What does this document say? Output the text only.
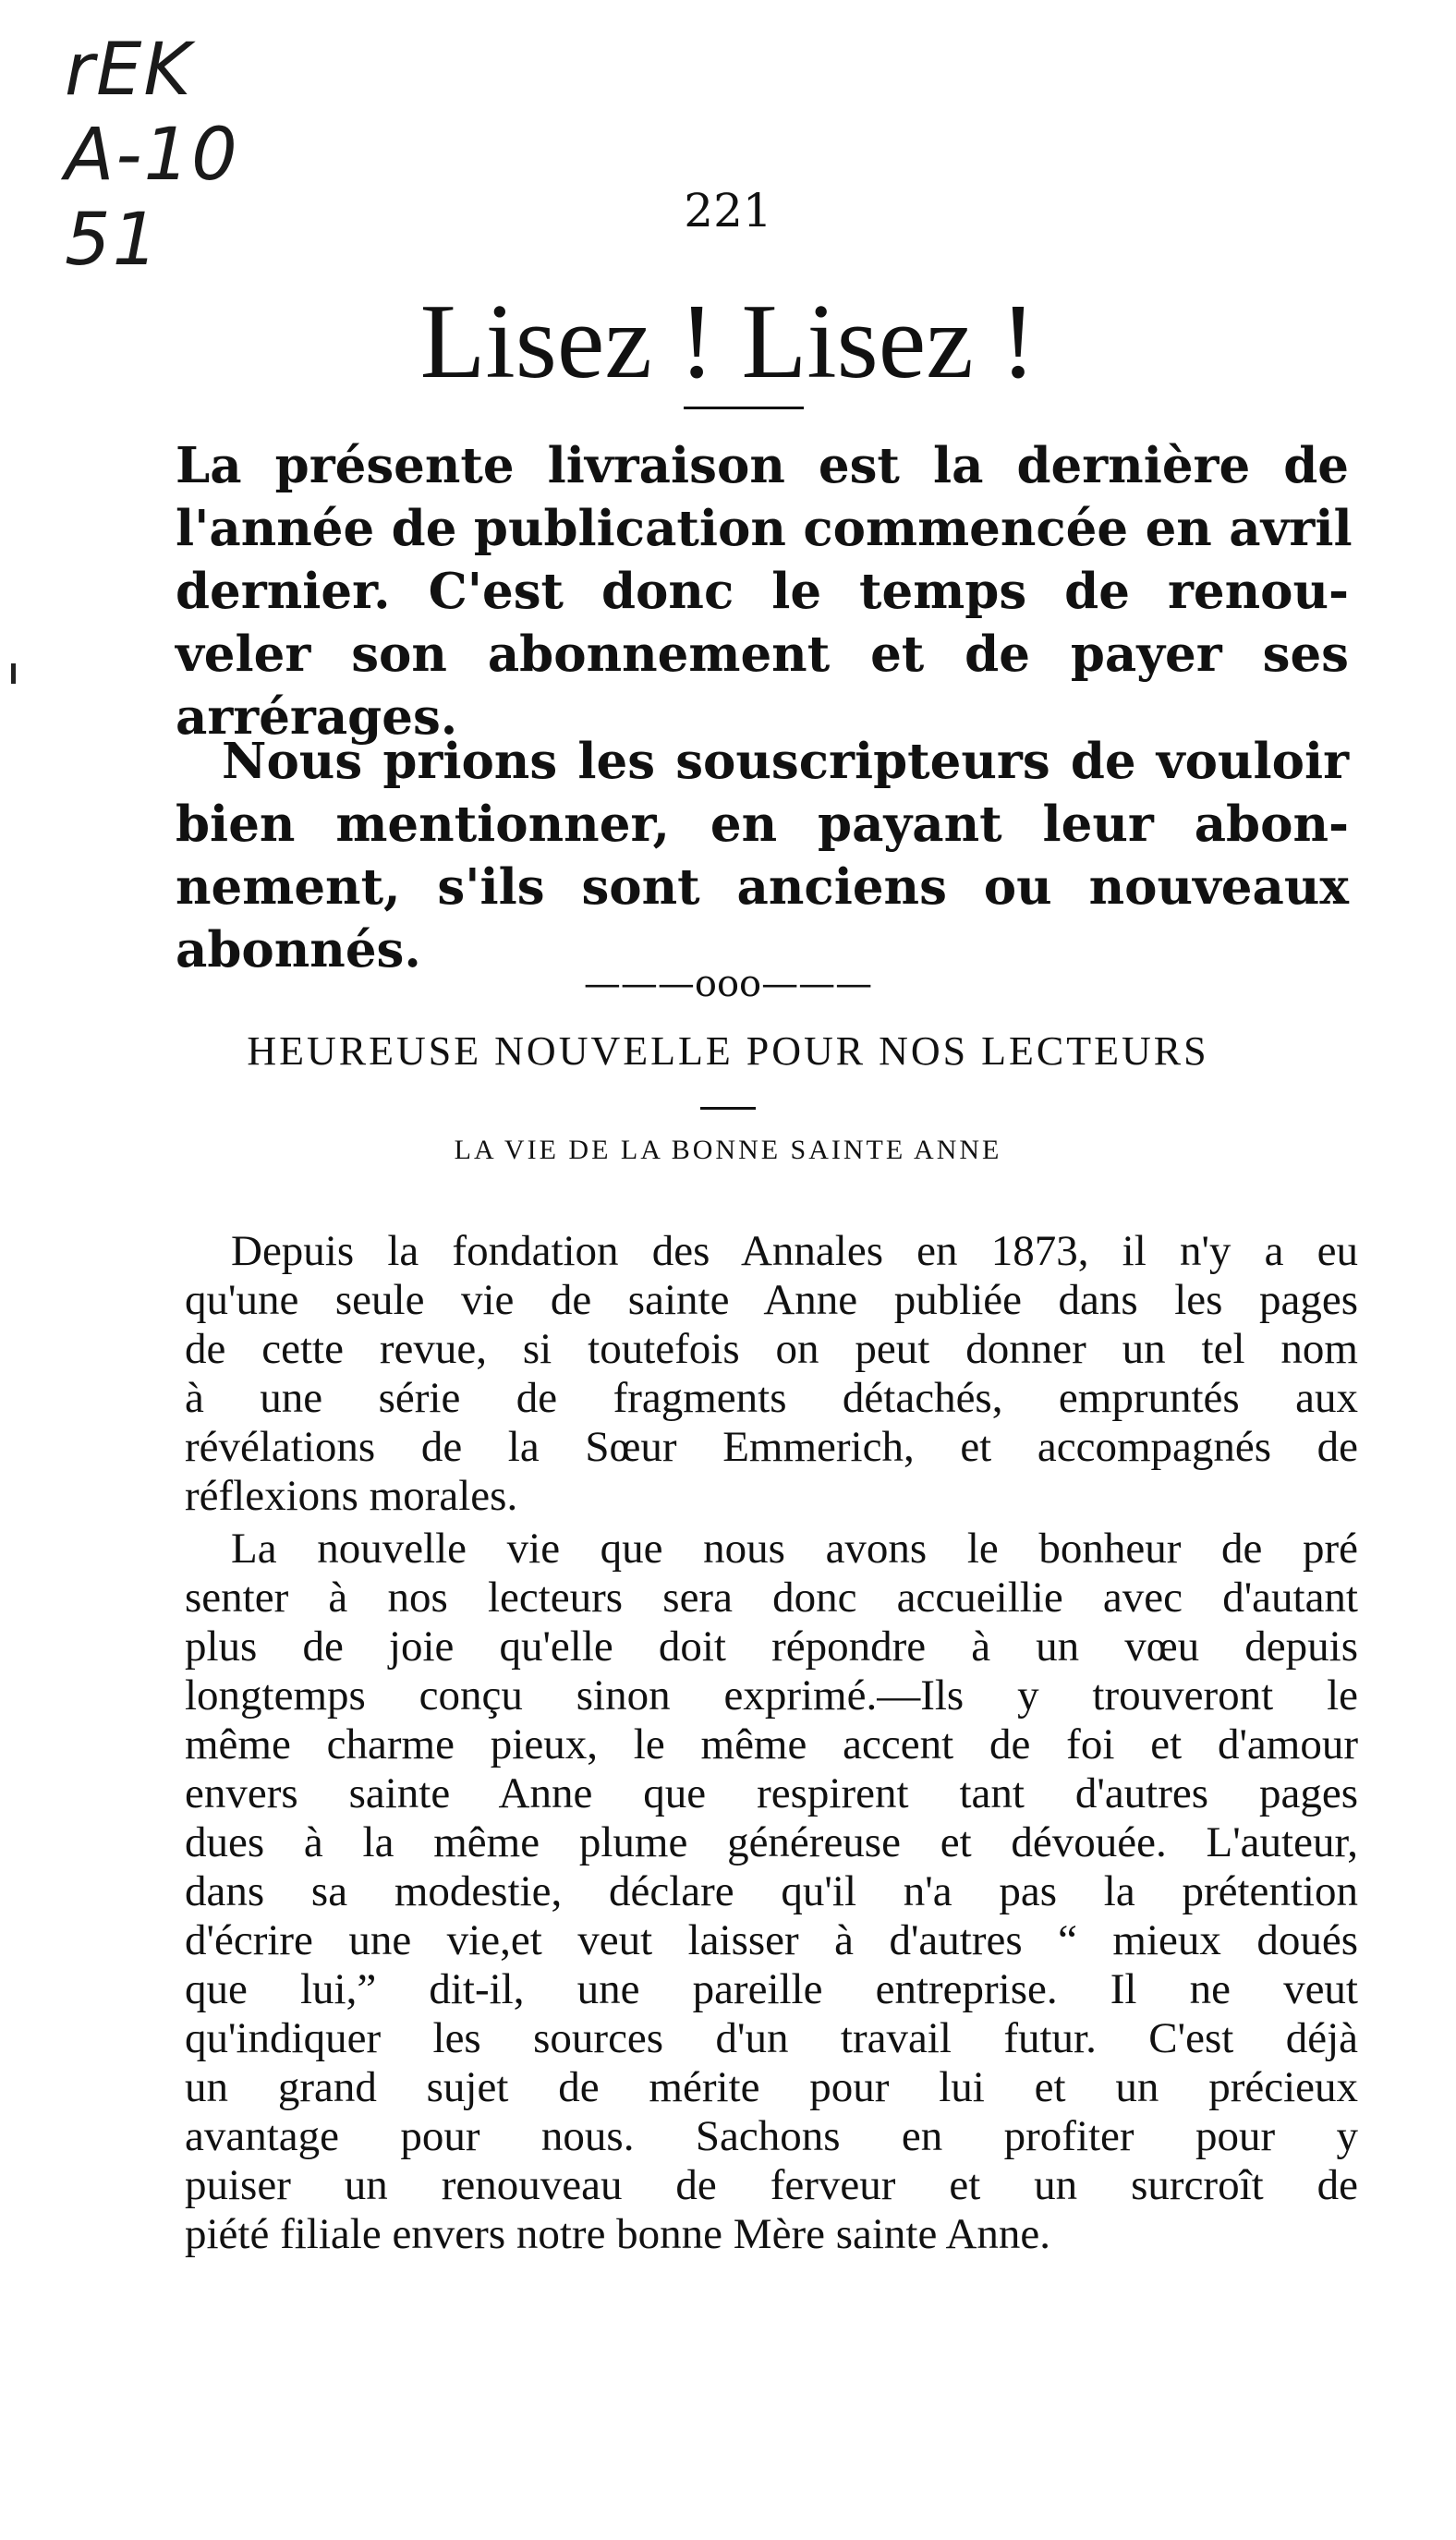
rEK
A-10
51	221
Lisez ! Lisez !
La présente livraison est la dernière de
l'année de publication commencée en avril
dernier. C'est donc le temps de renou-
veler son abonnement et de payer ses
arrérages.
Nous prions les souscripteurs de vouloir
bien mentionner, en payant leur abon-
nement, s'ils sont anciens ou nouveaux
abonnés.
———ooo———
HEUREUSE NOUVELLE POUR NOS LECTEURS
LA VIE DE LA BONNE SAINTE ANNE
Depuis la fondation des Annales en 1873, il n'y a eu
qu'une seule vie de sainte Anne publiée dans les pages
de cette revue, si toutefois on peut donner un tel nom
à une série de fragments détachés, empruntés aux
révélations de la Sœur Emmerich, et accompagnés de
réflexions morales.
La nouvelle vie que nous avons le bonheur de pré
senter à nos lecteurs sera donc accueillie avec d'autant
plus de joie qu'elle doit répondre à un vœu depuis
longtemps conçu sinon exprimé.—Ils y trouveront le
même charme pieux, le même accent de foi et d'amour
envers sainte Anne que respirent tant d'autres pages
dues à la même plume généreuse et dévouée. L'auteur,
dans sa modestie, déclare qu'il n'a pas la prétention
d'écrire une vie,et veut laisser à d'autres “ mieux doués
que lui,” dit-il, une pareille entreprise. Il ne veut
qu'indiquer les sources d'un travail futur. C'est déjà
un grand sujet de mérite pour lui et un précieux
avantage pour nous. Sachons en profiter pour y
puiser un renouveau de ferveur et un surcroît de
piété filiale envers notre bonne Mère sainte Anne.
